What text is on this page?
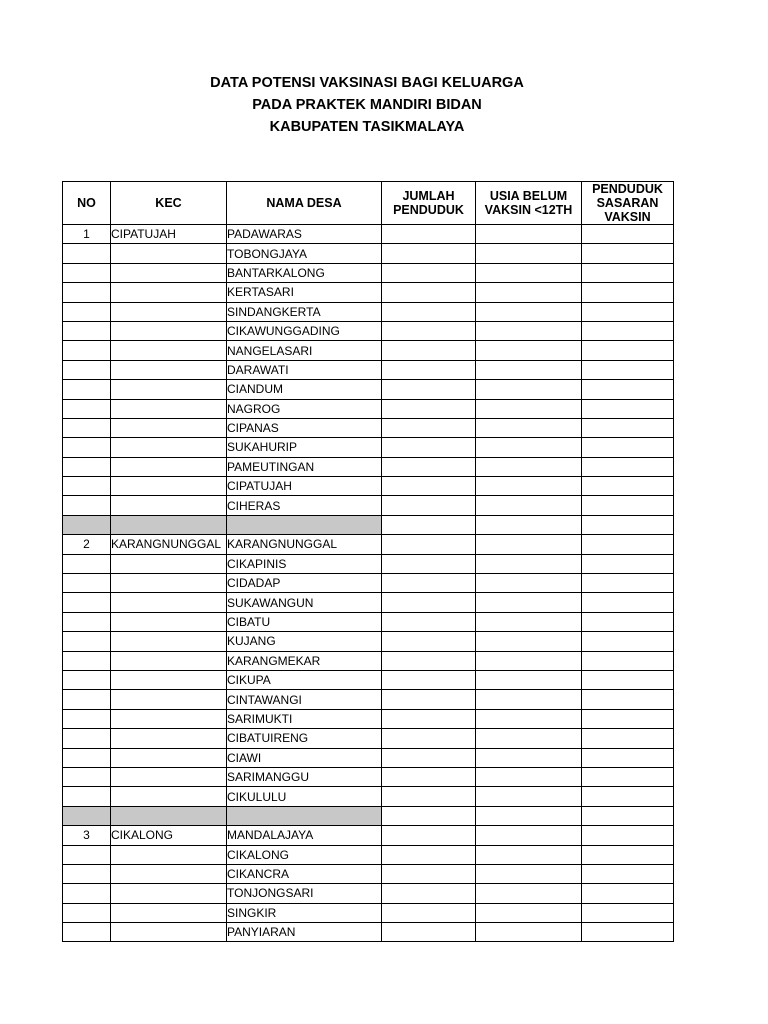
DATA POTENSI VAKSINASI BAGI KELUARGA
PADA PRAKTEK MANDIRI BIDAN
KABUPATEN TASIKMALAYA
NO	KEC	NAMA DESA	JUMLAH PENDUDUK	USIA BELUM VAKSIN <12TH	PENDUDUK SASARAN VAKSIN
1	CIPATUJAH	PADAWARAS			
		TOBONGJAYA			
		BANTARKALONG			
		KERTASARI			
		SINDANGKERTA			
		CIKAWUNGGADING			
		NANGELASARI			
		DARAWATI			
		CIANDUM			
		NAGROG			
		CIPANAS			
		SUKAHURIP			
		PAMEUTINGAN			
		CIPATUJAH			
		CIHERAS			

2	KARANGNUNGGAL	KARANGNUNGGAL			
		CIKAPINIS			
		CIDADAP			
		SUKAWANGUN			
		CIBATU			
		KUJANG			
		KARANGMEKAR			
		CIKUPA			
		CINTAWANGI			
		SARIMUKTI			
		CIBATUIRENG			
		CIAWI			
		SARIMANGGU			
		CIKULULU			

3	CIKALONG	MANDALAJAYA			
		CIKALONG			
		CIKANCRA			
		TONJONGSARI			
		SINGKIR			
		PANYIARAN			
